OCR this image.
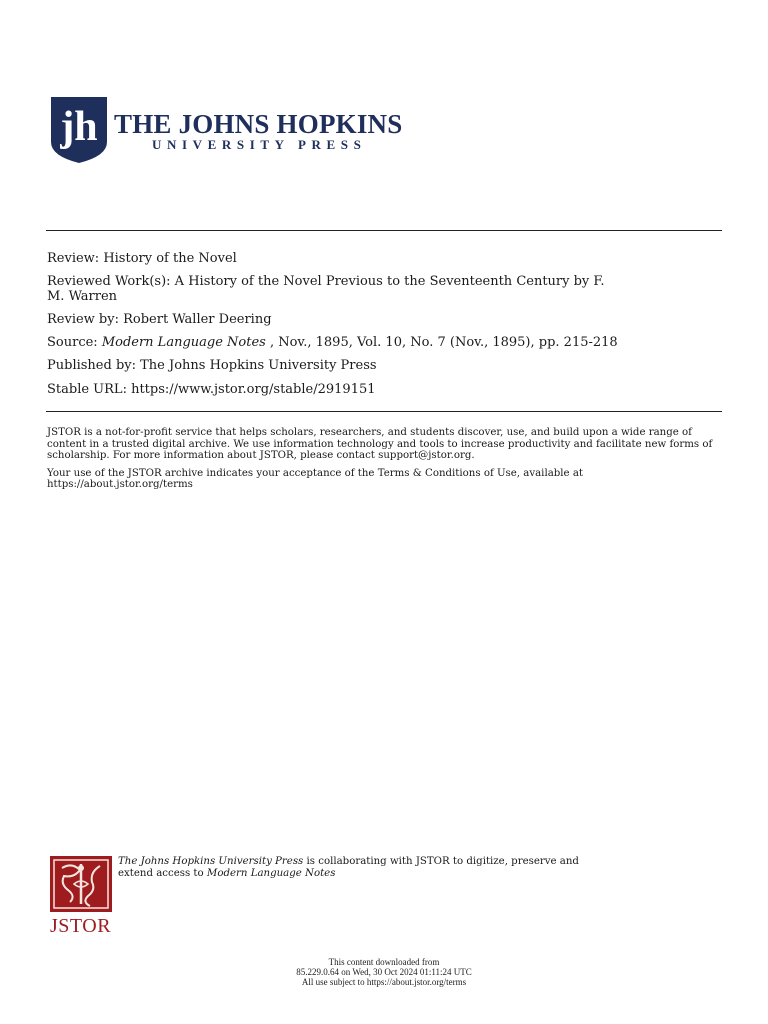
jh THE JOHNS HOPKINS
UNIVERSITY PRESS

Review: History of the Novel

Reviewed Work(s): A History of the Novel Previous to the Seventeenth Century by F.

M. Warren

Review by: Robert Waller Deering

Source: Modern Language Notes , Nov., 1895, Vol. 10, No. 7 (Nov., 1895), pp. 215-218

Published by: The Johns Hopkins University Press

Stable URL: https://www.jstor.org/stable/2919151

JSTOR is a not-for-profit service that helps scholars, researchers, and students discover, use, and build upon a wide range of content in a trusted digital archive. We use information technology and tools to increase productivity and facilitate new forms of scholarship. For more information about JSTOR, please contact support@jstor.org.

Your use of the JSTOR archive indicates your acceptance of the Terms & Conditions of Use, available at

https://about.jstor.org/terms

JSTOR
The Johns Hopkins University Press is collaborating with JSTOR to digitize, preserve and
extend access to Modern Language Notes

This content downloaded from

85.229.0.64 on Wed, 30 Oct 2024 01:11:24 UTC

All use subject to https://about.jstor.org/terms
